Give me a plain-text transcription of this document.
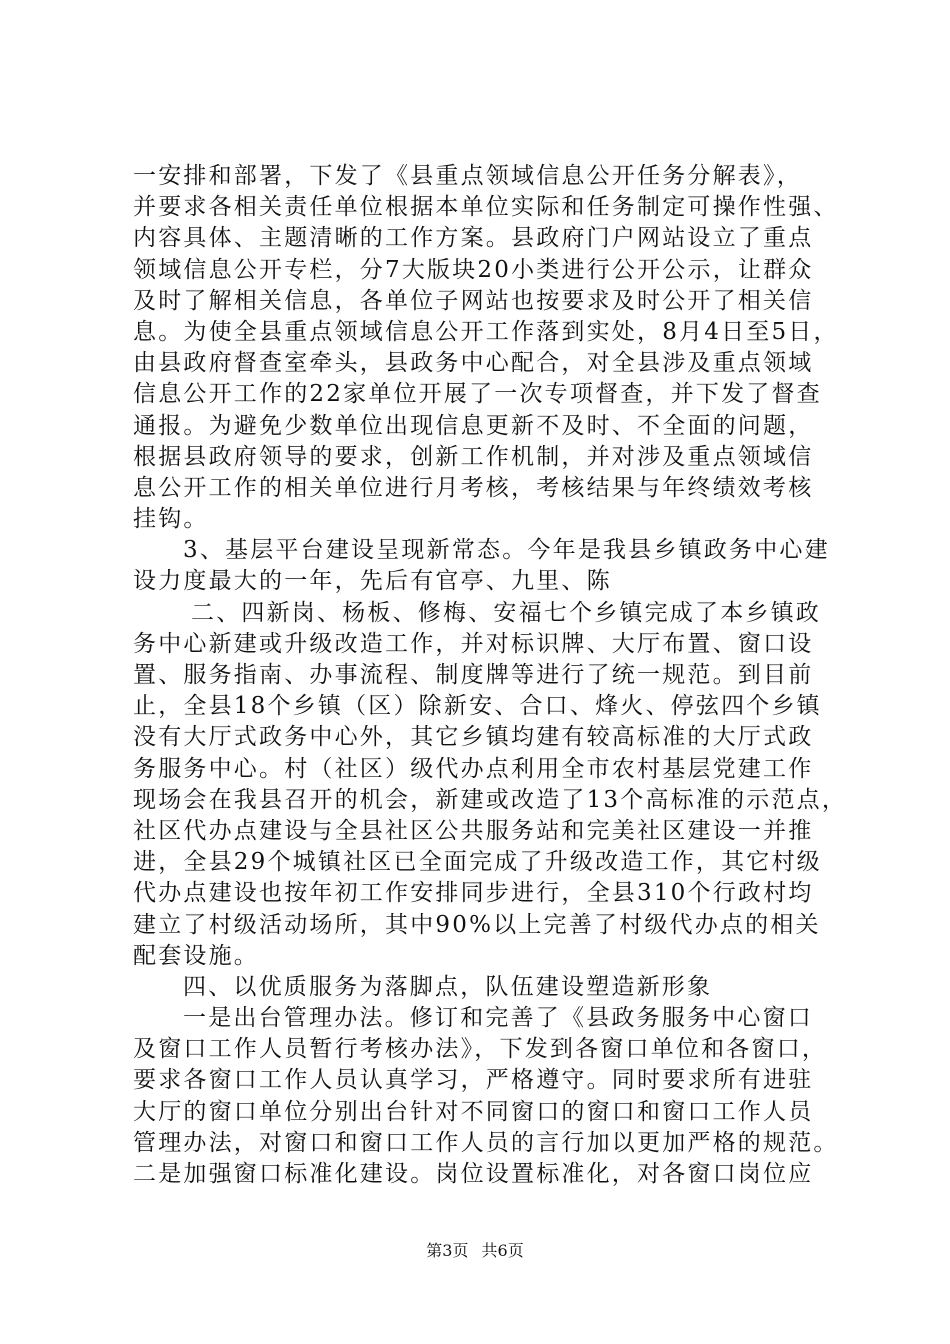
一安排和部署，下发了《县重点领域信息公开任务分解表》，
并要求各相关责任单位根据本单位实际和任务制定可操作性强、
内容具体、主题清晰的工作方案。县政府门户网站设立了重点
领域信息公开专栏，分7大版块20小类进行公开公示，让群众
及时了解相关信息，各单位子网站也按要求及时公开了相关信
息。为使全县重点领域信息公开工作落到实处，8月4日至5日，
由县政府督查室牵头，县政务中心配合，对全县涉及重点领域
信息公开工作的22家单位开展了一次专项督查，并下发了督查
通报。为避免少数单位出现信息更新不及时、不全面的问题，
根据县政府领导的要求，创新工作机制，并对涉及重点领域信
息公开工作的相关单位进行月考核，考核结果与年终绩效考核
挂钩。
3、基层平台建设呈现新常态。今年是我县乡镇政务中心建
设力度最大的一年，先后有官亭、九里、陈
二、四新岗、杨板、修梅、安福七个乡镇完成了本乡镇政
务中心新建或升级改造工作，并对标识牌、大厅布置、窗口设
置、服务指南、办事流程、制度牌等进行了统一规范。到目前
止，全县18个乡镇（区）除新安、合口、烽火、停弦四个乡镇
没有大厅式政务中心外，其它乡镇均建有较高标准的大厅式政
务服务中心。村（社区）级代办点利用全市农村基层党建工作
现场会在我县召开的机会，新建或改造了13个高标准的示范点，
社区代办点建设与全县社区公共服务站和完美社区建设一并推
进，全县29个城镇社区已全面完成了升级改造工作，其它村级
代办点建设也按年初工作安排同步进行，全县310个行政村均
建立了村级活动场所，其中90%以上完善了村级代办点的相关
配套设施。
四、以优质服务为落脚点，队伍建设塑造新形象
一是出台管理办法。修订和完善了《县政务服务中心窗口
及窗口工作人员暂行考核办法》，下发到各窗口单位和各窗口，
要求各窗口工作人员认真学习，严格遵守。同时要求所有进驻
大厅的窗口单位分别出台针对不同窗口的窗口和窗口工作人员
管理办法，对窗口和窗口工作人员的言行加以更加严格的规范。
二是加强窗口标准化建设。岗位设置标准化，对各窗口岗位应
第3页 共6页
